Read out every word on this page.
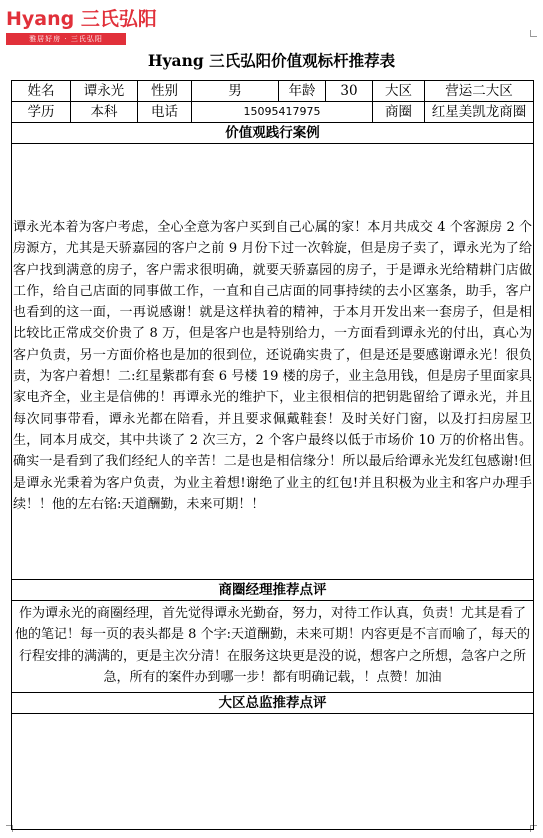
Hyang 三氏弘阳
雅居好房 · 三氏弘阳
Hyang 三氏弘阳价值观标杆推荐表
姓名	谭永光	性别	男	年龄	30	大区	营运二大区
学历	本科	电话	15095417975	商圈	红星美凯龙商圈
价值观践行案例
谭永光本着为客户考虑，全心全意为客户买到自己心属的家！本月共成交 4 个客源房 2 个房源方，尤其是天骄嘉园的客户之前 9 月份下过一次斡旋，但是房子卖了，谭永光为了给客户找到满意的房子，客户需求很明确，就要天骄嘉园的房子，于是谭永光给精耕门店做工作，给自己店面的同事做工作，一直和自己店面的同事持续的去小区塞条，助手，客户也看到的这一面，一再说感谢！就是这样执着的精神，于本月开发出来一套房子，但是相比较比正常成交价贵了 8 万，但是客户也是特别给力，一方面看到谭永光的付出，真心为客户负责，另一方面价格也是加的很到位，还说确实贵了，但是还是要感谢谭永光！很负责，为客户着想！二:红星紫郡有套 6 号楼 19 楼的房子，业主急用钱，但是房子里面家具家电齐全，业主是信佛的！再谭永光的维护下，业主很相信的把钥匙留给了谭永光，并且每次同事带看，谭永光都在陪看，并且要求佩戴鞋套！及时关好门窗，以及打扫房屋卫生，同本月成交，其中共谈了 2 次三方，2 个客户最终以低于市场价 10 万的价格出售。确实一是看到了我们经纪人的辛苦！二是也是相信缘分！所以最后给谭永光发红包感谢!但是谭永光秉着为客户负责，为业主着想!谢绝了业主的红包!并且积极为业主和客户办理手续！！他的左右铭:天道酬勤，未来可期！！
商圈经理推荐点评
作为谭永光的商圈经理，首先觉得谭永光勤奋，努力，对待工作认真，负责！尤其是看了他的笔记！每一页的表头都是 8 个字:天道酬勤，未来可期！内容更是不言而喻了，每天的行程安排的满满的，更是主次分清！在服务这块更是没的说，想客户之所想，急客户之所急，所有的案件办到哪一步！都有明确记载，！点赞！加油
大区总监推荐点评
